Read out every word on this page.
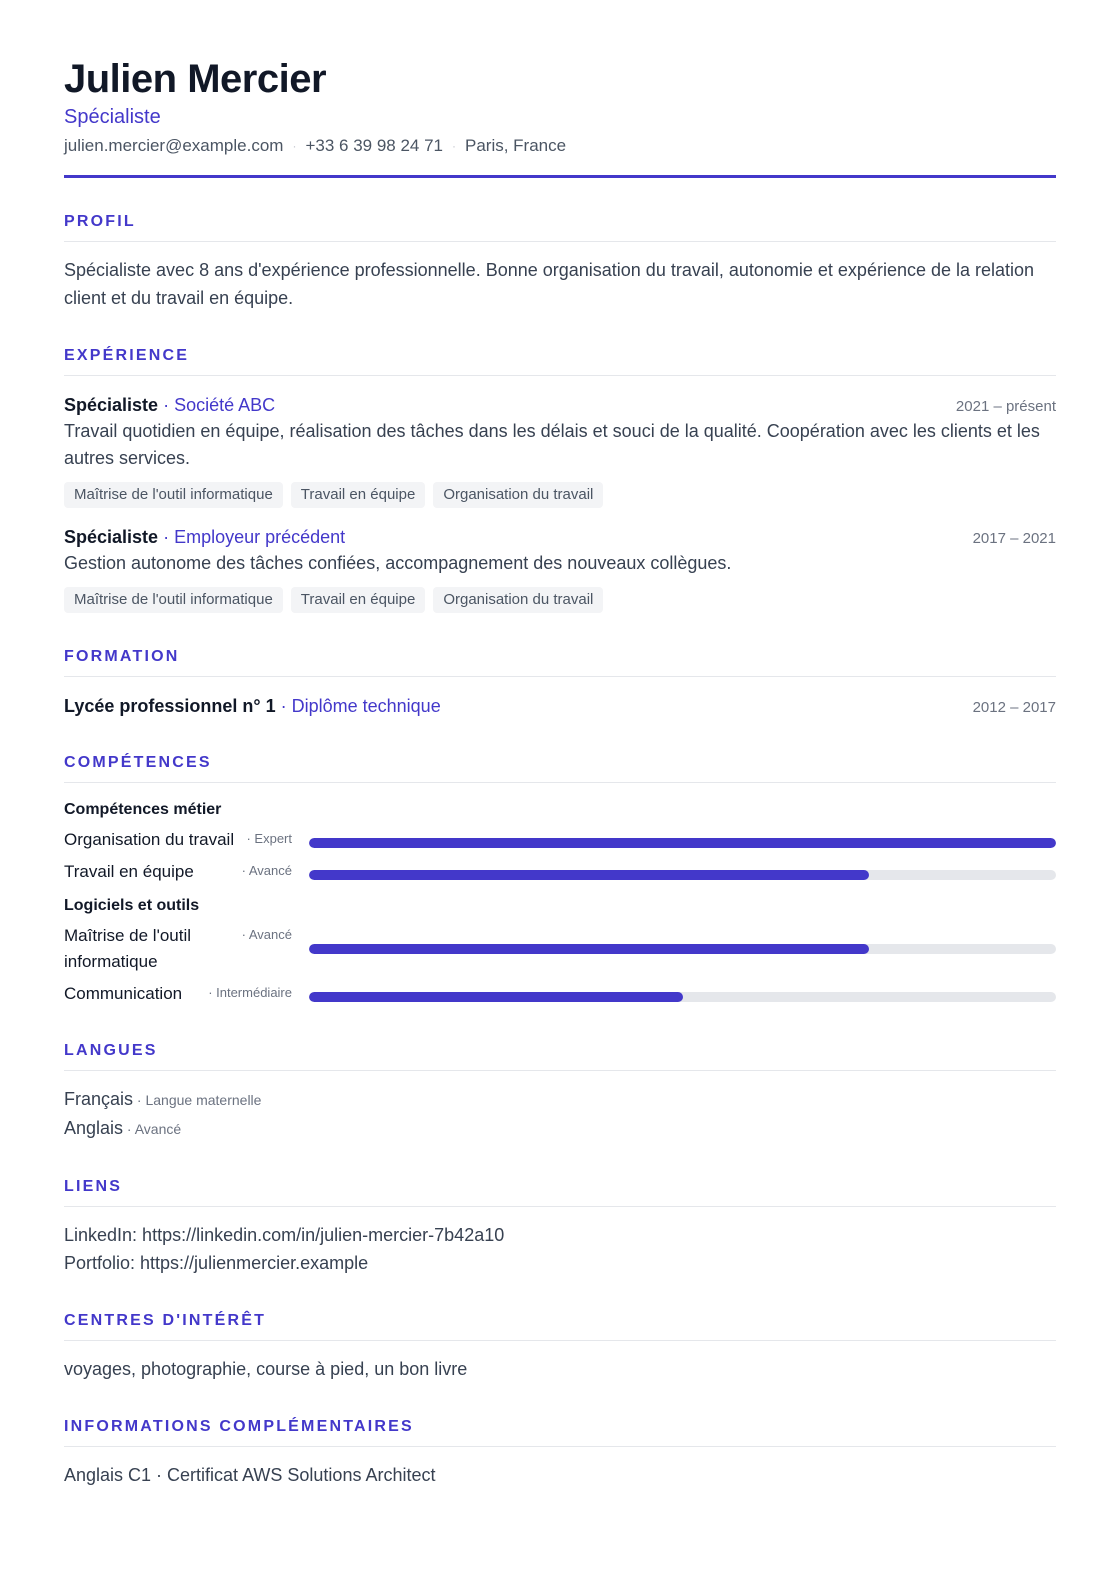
Julien Mercier
Spécialiste
julien.mercier@example.com · +33 6 39 98 24 71 · Paris, France
PROFIL

Spécialiste avec 8 ans d'expérience professionnelle. Bonne organisation du travail, autonomie et expérience de la relation client et du travail en équipe.

EXPÉRIENCE
Spécialiste · Société ABC	2021 – présent
Travail quotidien en équipe, réalisation des tâches dans les délais et souci de la qualité. Coopération avec les clients et les autres services.
Maîtrise de l'outil informatique	Travail en équipe	Organisation du travail
Spécialiste · Employeur précédent	2017 – 2021
Gestion autonome des tâches confiées, accompagnement des nouveaux collègues.
Maîtrise de l'outil informatique	Travail en équipe	Organisation du travail
FORMATION
Lycée professionnel n° 1 · Diplôme technique	2012 – 2017
COMPÉTENCES
Compétences métier
Organisation du travail · Expert
Travail en équipe	· Avancé
Logiciels et outils
Maîtrise de l'outil informatique
· Avancé
Communication · Intermédiaire
LANGUES
Français · Langue maternelle
Anglais · Avancé
LIENS
LinkedIn: https://linkedin.com/in/julien-mercier-7b42a10
Portfolio: https://julienmercier.example
CENTRES D'INTÉRÊT

voyages, photographie, course à pied, un bon livre

INFORMATIONS COMPLÉMENTAIRES

Anglais C1 · Certificat AWS Solutions Architect
